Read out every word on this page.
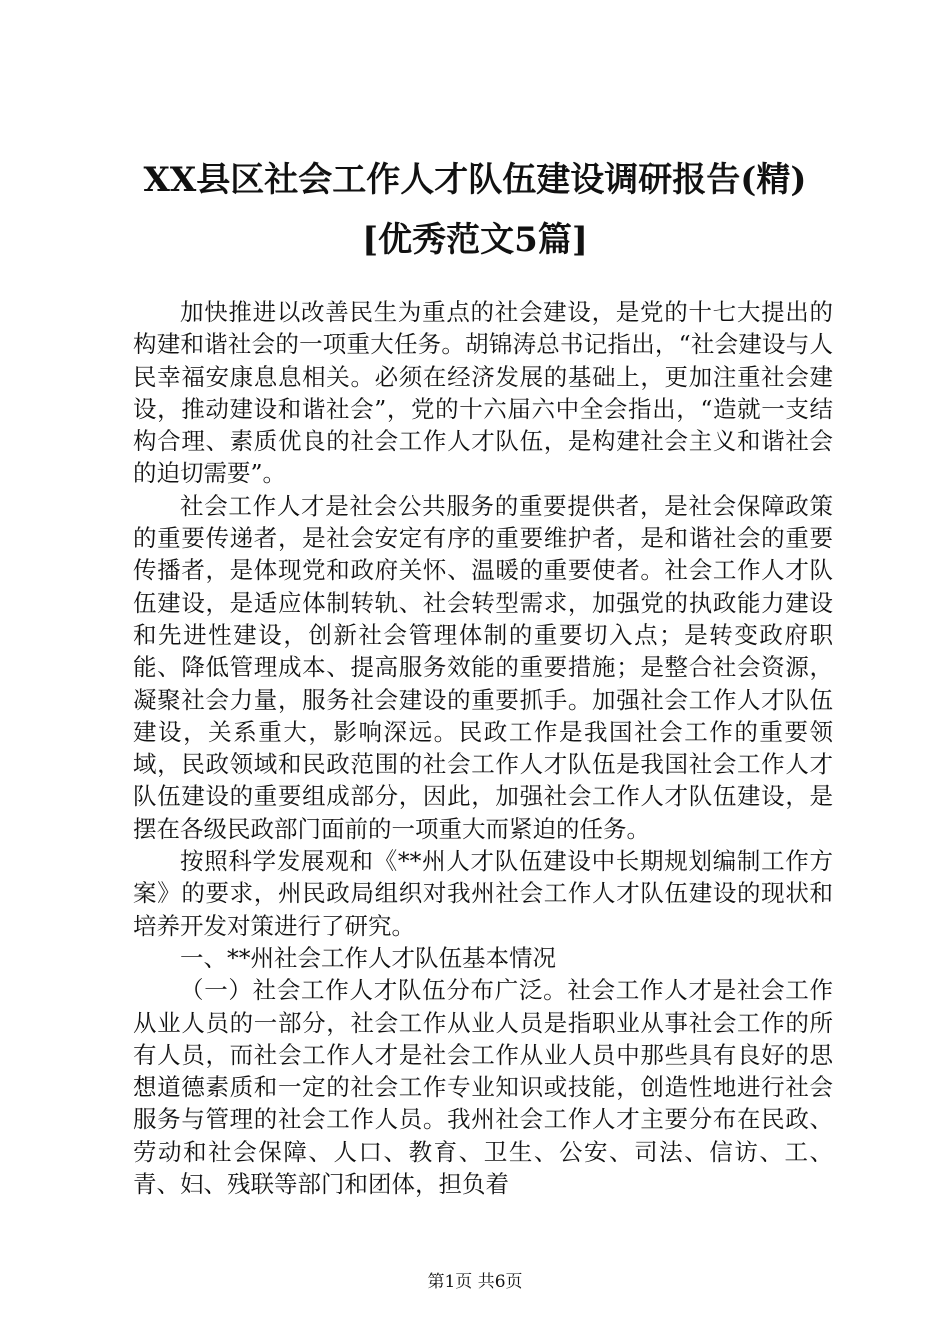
XX县区社会工作人才队伍建设调研报告(精)
[优秀范文5篇]

加快推进以改善民生为重点的社会建设，是党的十七大提出的构建和谐社会的一项重大任务。胡锦涛总书记指出，“社会建设与人民幸福安康息息相关。必须在经济发展的基础上，更加注重社会建设，推动建设和谐社会”，党的十六届六中全会指出，“造就一支结构合理、素质优良的社会工作人才队伍，是构建社会主义和谐社会的迫切需要”。

社会工作人才是社会公共服务的重要提供者，是社会保障政策的重要传递者，是社会安定有序的重要维护者，是和谐社会的重要传播者，是体现党和政府关怀、温暖的重要使者。社会工作人才队伍建设，是适应体制转轨、社会转型需求，加强党的执政能力建设和先进性建设，创新社会管理体制的重要切入点；是转变政府职能、降低管理成本、提高服务效能的重要措施；是整合社会资源，凝聚社会力量，服务社会建设的重要抓手。加强社会工作人才队伍建设，关系重大，影响深远。民政工作是我国社会工作的重要领域，民政领域和民政范围的社会工作人才队伍是我国社会工作人才队伍建设的重要组成部分，因此，加强社会工作人才队伍建设，是摆在各级民政部门面前的一项重大而紧迫的任务。

按照科学发展观和《**州人才队伍建设中长期规划编制工作方案》的要求，州民政局组织对我州社会工作人才队伍建设的现状和培养开发对策进行了研究。

一、**州社会工作人才队伍基本情况

（一）社会工作人才队伍分布广泛。社会工作人才是社会工作从业人员的一部分，社会工作从业人员是指职业从事社会工作的所有人员，而社会工作人才是社会工作从业人员中那些具有良好的思想道德素质和一定的社会工作专业知识或技能，创造性地进行社会服务与管理的社会工作人员。我州社会工作人才主要分布在民政、劳动和社会保障、人口、教育、卫生、公安、司法、信访、工、青、妇、残联等部门和团体，担负着

第1页 共6页
